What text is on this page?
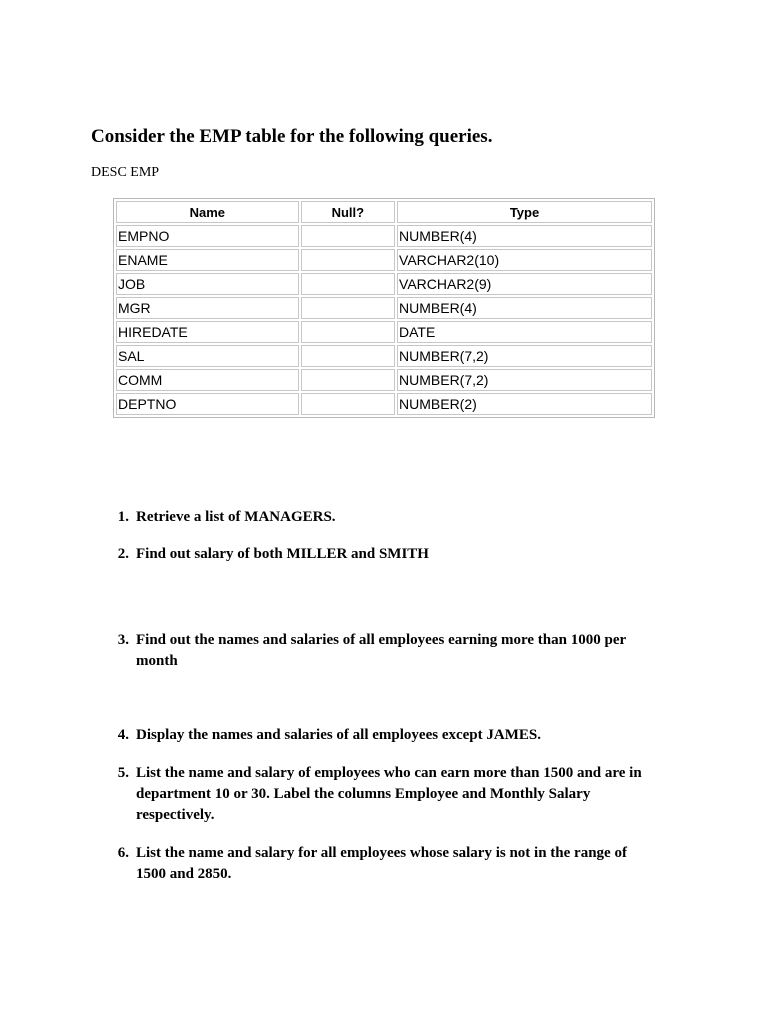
Consider the EMP table for the following queries.
DESC EMP
Name	Null?	Type
EMPNO		NUMBER(4)
ENAME		VARCHAR2(10)
JOB		VARCHAR2(9)
MGR		NUMBER(4)
HIREDATE		DATE
SAL		NUMBER(7,2)
COMM		NUMBER(7,2)
DEPTNO		NUMBER(2)
1. Retrieve a list of MANAGERS.
2. Find out salary of both MILLER and SMITH
3. Find out the names and salaries of all employees earning more than 1000 per month
4. Display the names and salaries of all employees except JAMES.
5. List the name and salary of employees who can earn more than 1500 and are in department 10 or 30. Label the columns Employee and Monthly Salary respectively.
6. List the name and salary for all employees whose salary is not in the range of 1500 and 2850.
